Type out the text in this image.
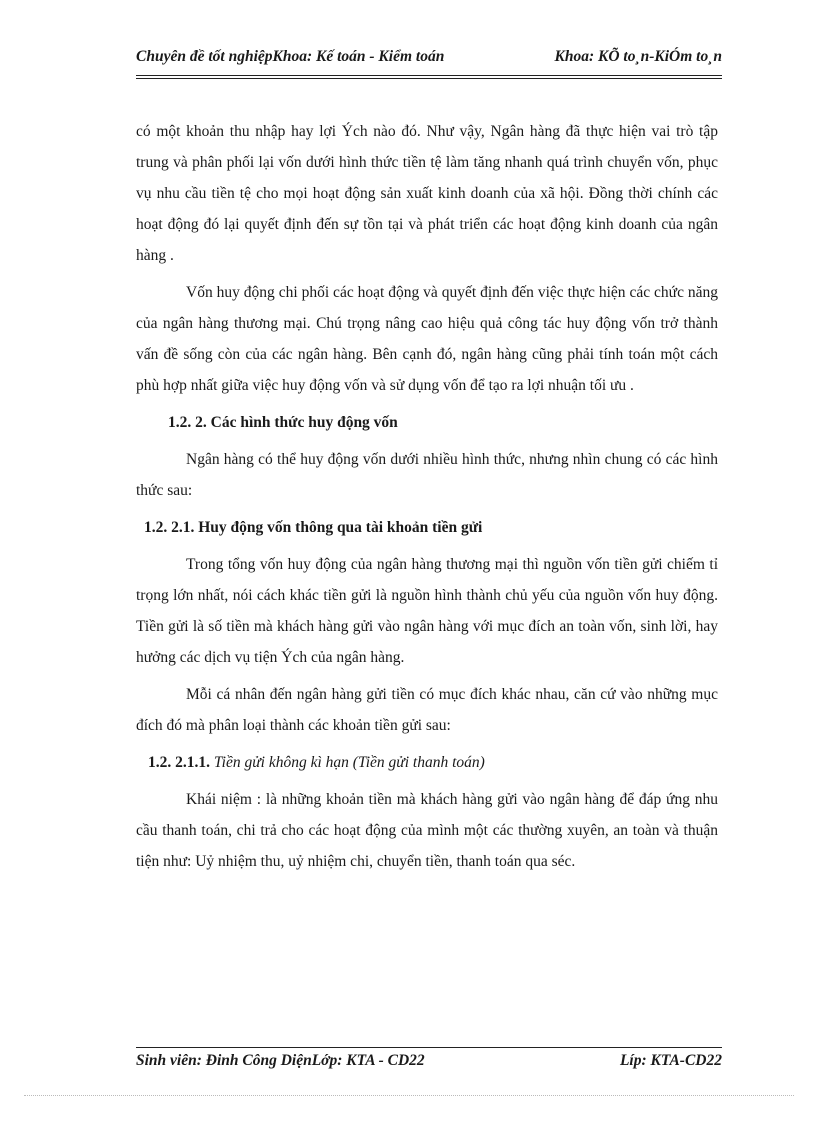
Chuyên đề tốt nghiệpKhoa: Kế toán - Kiểm toán	Khoa: KÕ to¸n-KiÓm to¸n

có một khoản thu nhập hay lợi Ých nào đó. Như vậy, Ngân hàng đã thực hiện vai trò tập trung và phân phối lại vốn dưới hình thức tiền tệ làm tăng nhanh quá trình chuyển vốn, phục vụ nhu cầu tiền tệ cho mọi hoạt động sản xuất kinh doanh của xã hội. Đồng thời chính các hoạt động đó lại quyết định đến sự tồn tại và phát triển các hoạt động kinh doanh của ngân hàng .

Vốn huy động chi phối các hoạt động và quyết định đến việc thực hiện các chức năng của ngân hàng thương mại. Chú trọng nâng cao hiệu quả công tác huy động vốn trở thành vấn đề sống còn của các ngân hàng. Bên cạnh đó, ngân hàng cũng phải tính toán một cách phù hợp nhất giữa việc huy động vốn và sử dụng vốn để tạo ra lợi nhuận tối ưu .

1.2. 2. Các hình thức huy động vốn

Ngân hàng có thể huy động vốn dưới nhiều hình thức, nhưng nhìn chung có các hình thức sau:

1.2. 2.1. Huy động vốn thông qua tài khoản tiền gửi

Trong tổng vốn huy động của ngân hàng thương mại thì nguồn vốn tiền gửi chiếm tỉ trọng lớn nhất, nói cách khác tiền gửi là nguồn hình thành chủ yếu của nguồn vốn huy động. Tiền gửi là số tiền mà khách hàng gửi vào ngân hàng với mục đích an toàn vốn, sinh lời, hay hưởng các dịch vụ tiện Ých của ngân hàng.

Mỗi cá nhân đến ngân hàng gửi tiền có mục đích khác nhau, căn cứ vào những mục đích đó mà phân loại thành các khoản tiền gửi sau:

1.2. 2.1.1. Tiền gửi không kì hạn (Tiền gửi thanh toán)

Khái niệm : là những khoản tiền mà khách hàng gửi vào ngân hàng để đáp ứng nhu cầu thanh toán, chi trả cho các hoạt động của mình một các thường xuyên, an toàn và thuận tiện như: Uỷ nhiệm thu, uỷ nhiệm chi, chuyển tiền, thanh toán qua séc.

Sinh viên: Đinh Công DiệnLớp: KTA - CD22	Líp: KTA-CD22
